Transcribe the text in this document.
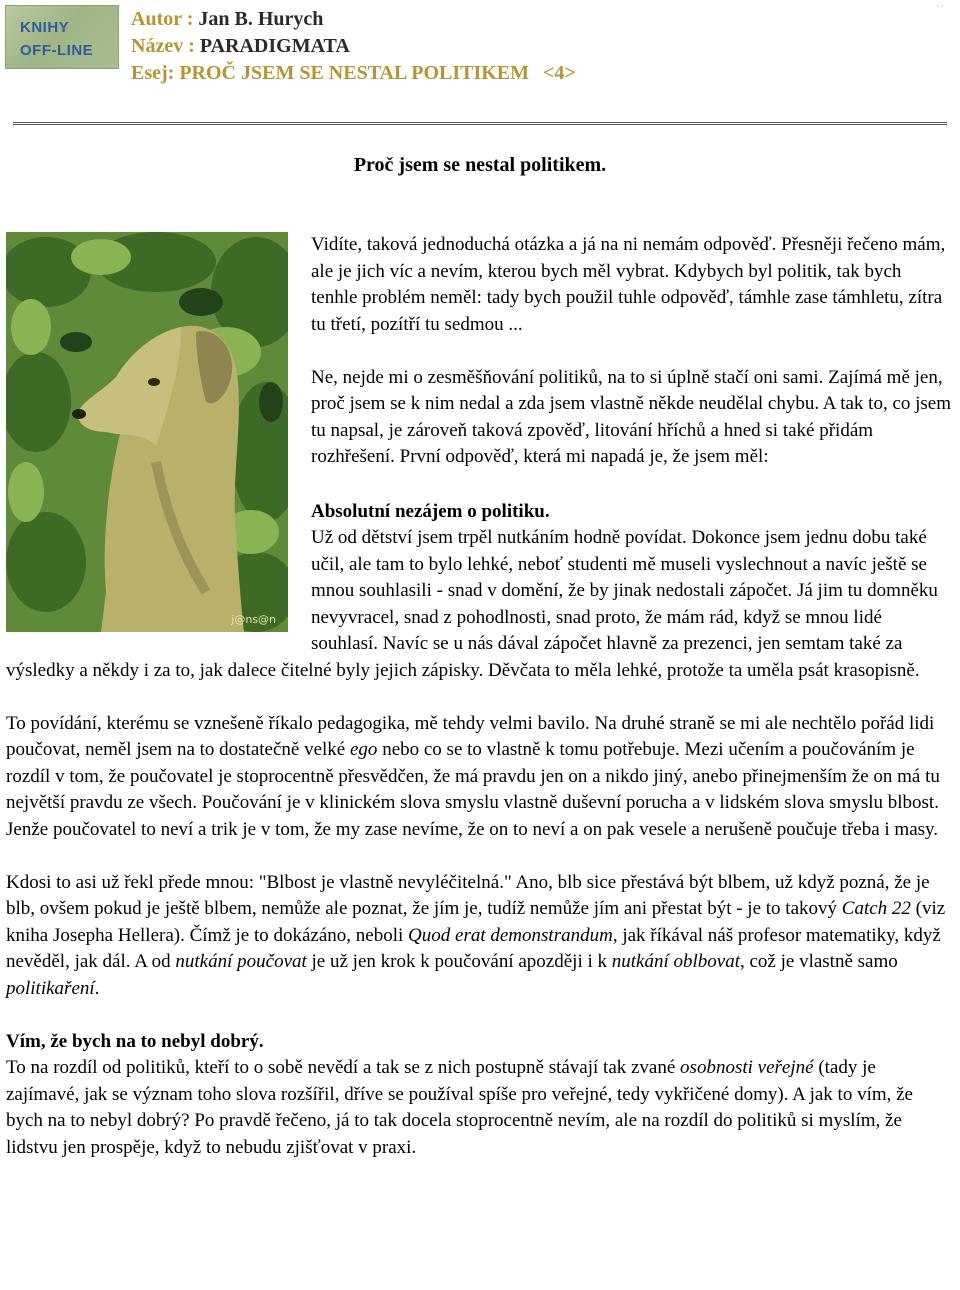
KNIHY
OFF-LINE
··
Autor : Jan B. Hurych
Název : PARADIGMATA
Esej: PROČ JSEM SE NESTAL POLITIKEM <4>
Proč jsem se nestal politikem.
j@ns@n

Vidíte, taková jednoduchá otázka a já na ni nemám odpověď. Přesněji řečeno mám, ale je jich víc a nevím, kterou bych měl vybrat. Kdybych byl politik, tak bych tenhle problém neměl: tady bych použil tuhle odpověď, támhle zase támhletu, zítra tu třetí, pozítří tu sedmou ...

Ne, nejde mi o zesměšňování politiků, na to si úplně stačí oni sami. Zajímá mě jen, proč jsem se k nim nedal a zda jsem vlastně někde neudělal chybu. A tak to, co jsem tu napsal, je zároveň taková zpověď, litování hříchů a hned si také přidám rozhřešení. První odpověď, která mi napadá je, že jsem měl:

Absolutní nezájem o politiku.

Už od dětství jsem trpěl nutkáním hodně povídat. Dokonce jsem jednu dobu také učil, ale tam to bylo lehké, neboť studenti mě museli vyslechnout a navíc ještě se mnou souhlasili - snad v domění, že by jinak nedostali zápočet. Já jim tu domněku nevyvracel, snad z pohodlnosti, snad proto, že mám rád, když se mnou lidé souhlasí. Navíc se u nás dával zápočet hlavně za prezenci, jen semtam také za výsledky a někdy i za to, jak dalece čitelné byly jejich zápisky. Děvčata to měla lehké, protože ta uměla psát krasopisně.

To povídání, kterému se vznešeně říkalo pedagogika, mě tehdy velmi bavilo. Na druhé straně se mi ale nechtělo pořád lidi poučovat, neměl jsem na to dostatečně velké ego nebo co se to vlastně k tomu potřebuje. Mezi učením a poučováním je rozdíl v tom, že poučovatel je stoprocentně přesvědčen, že má pravdu jen on a nikdo jiný, anebo přinejmenším že on má tu největší pravdu ze všech. Poučování je v klinickém slova smyslu vlastně duševní porucha a v lidském slova smyslu blbost. Jenže poučovatel to neví a trik je v tom, že my zase nevíme, že on to neví a on pak vesele a nerušeně poučuje třeba i masy.

Kdosi to asi už řekl přede mnou: "Blbost je vlastně nevyléčitelná." Ano, blb sice přestává být blbem, už když pozná, že je blb, ovšem pokud je ještě blbem, nemůže ale poznat, že jím je, tudíž nemůže jím ani přestat být - je to takový Catch 22 (viz kniha Josepha Hellera). Čímž je to dokázáno, neboli Quod erat demonstrandum, jak říkával náš profesor matematiky, když nevěděl, jak dál. A od nutkání poučovat je už jen krok k poučování apozději i k nutkání oblbovat, což je vlastně samo politikaření.

Vím, že bych na to nebyl dobrý.

To na rozdíl od politiků, kteří to o sobě nevědí a tak se z nich postupně stávají tak zvané osobnosti veřejné (tady je zajímavé, jak se význam toho slova rozšířil, dříve se používal spíše pro veřejné, tedy vykřičené domy). A jak to vím, že bych na to nebyl dobrý? Po pravdě řečeno, já to tak docela stoprocentně nevím, ale na rozdíl do politiků si myslím, že lidstvu jen prospěje, když to nebudu zjišťovat v praxi.
